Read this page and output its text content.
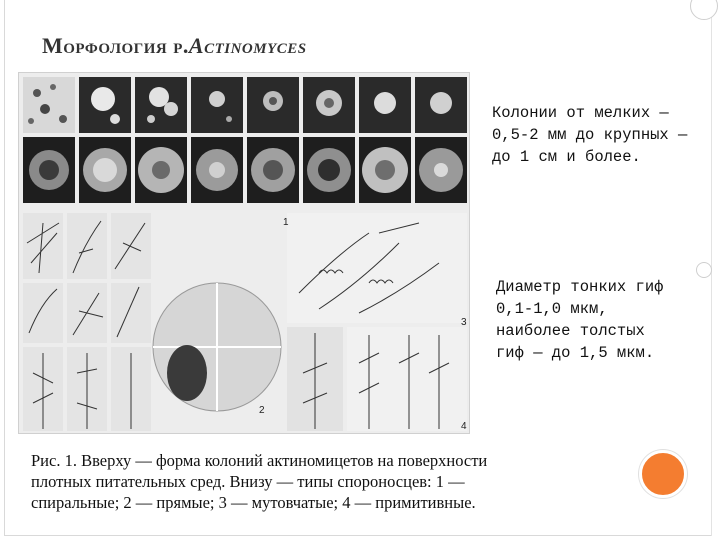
Морфология р.Actinomyces
1
2
3
4
Колонии от мелких —
0,5-2 мм до крупных —
до 1 см и более.
Диаметр тонких гиф
0,1-1,0 мкм,
наиболее толстых
гиф — до 1,5 мкм.
Рис. 1. Вверху — форма колоний актиномицетов на поверхности
плотных питательных сред. Внизу — типы спороносцев: 1 —
спиральные; 2 — прямые; 3 — мутовчатые; 4 — примитивные.
